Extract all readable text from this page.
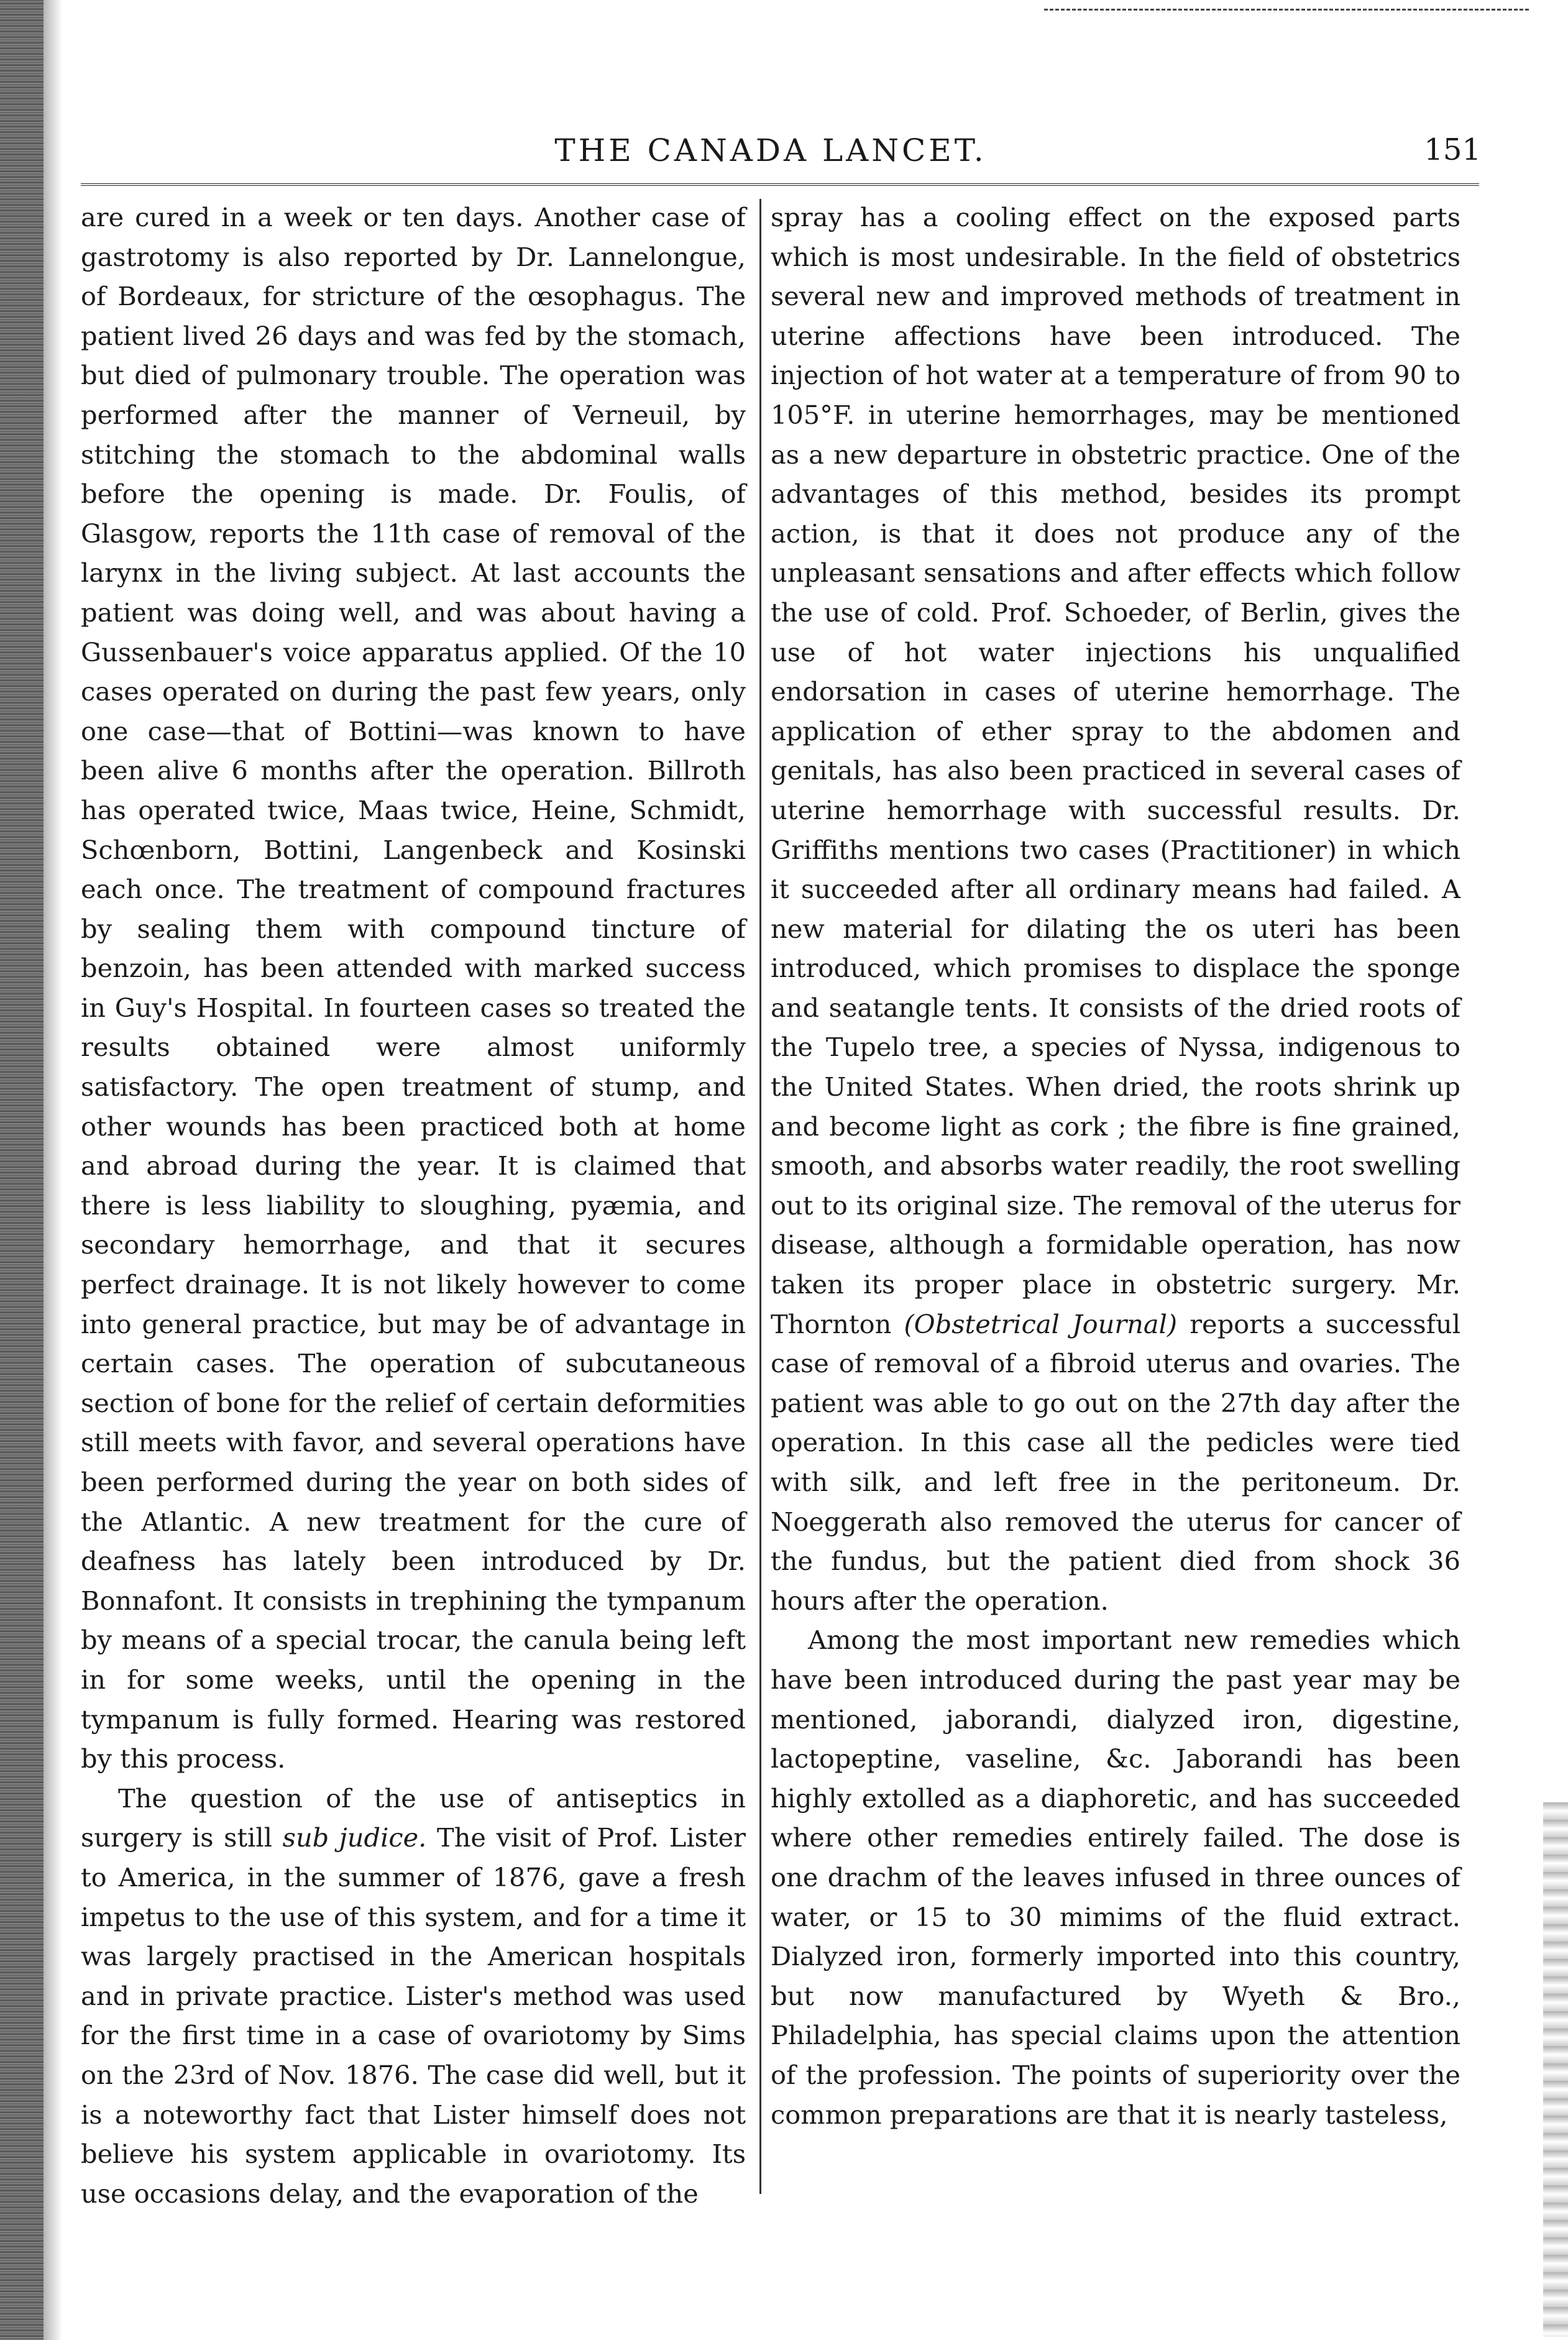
THE CANADA LANCET.	151

are cured in a week or ten days. Another case of gastrotomy is also reported by Dr. Lannelongue, of Bordeaux, for stricture of the œsophagus. The patient lived 26 days and was fed by the stomach, but died of pulmonary trouble. The operation was performed after the manner of Verneuil, by stitching the stomach to the abdominal walls before the opening is made. Dr. Foulis, of Glasgow, reports the 11th case of removal of the larynx in the living subject. At last accounts the patient was doing well, and was about having a Gussenbauer's voice apparatus applied. Of the 10 cases operated on during the past few years, only one case—that of Bottini—was known to have been alive 6 months after the operation. Billroth has operated twice, Maas twice, Heine, Schmidt, Schœnborn, Bottini, Langenbeck and Kosinski each once. The treatment of compound fractures by sealing them with compound tincture of benzoin, has been attended with marked success in Guy's Hospital. In fourteen cases so treated the results obtained were almost uniformly satisfactory. The open treatment of stump, and other wounds has been practiced both at home and abroad during the year. It is claimed that there is less liability to sloughing, pyæmia, and secondary hemorrhage, and that it secures perfect drainage. It is not likely however to come into general practice, but may be of advantage in certain cases. The operation of subcutaneous section of bone for the relief of certain deformities still meets with favor, and several operations have been performed during the year on both sides of the Atlantic. A new treatment for the cure of deafness has lately been introduced by Dr. Bonnafont. It consists in trephining the tympanum by means of a special trocar, the canula being left in for some weeks, until the opening in the tympanum is fully formed. Hearing was restored by this process.

The question of the use of antiseptics in surgery is still sub judice. The visit of Prof. Lister to America, in the summer of 1876, gave a fresh impetus to the use of this system, and for a time it was largely practised in the American hospitals and in private practice. Lister's method was used for the first time in a case of ovariotomy by Sims on the 23rd of Nov. 1876. The case did well, but it is a noteworthy fact that Lister himself does not believe his system applicable in ovariotomy. Its use occasions delay, and the evaporation of the

spray has a cooling effect on the exposed parts which is most undesirable. In the field of obstetrics several new and improved methods of treatment in uterine affections have been introduced. The injection of hot water at a temperature of from 90 to 105°F. in uterine hemorrhages, may be mentioned as a new departure in obstetric practice. One of the advantages of this method, besides its prompt action, is that it does not produce any of the unpleasant sensations and after effects which follow the use of cold. Prof. Schoeder, of Berlin, gives the use of hot water injections his unqualified endorsation in cases of uterine hemorrhage. The application of ether spray to the abdomen and genitals, has also been practiced in several cases of uterine hemorrhage with successful results. Dr. Griffiths mentions two cases (Practitioner) in which it succeeded after all ordinary means had failed. A new material for dilating the os uteri has been introduced, which promises to displace the sponge and seatangle tents. It consists of the dried roots of the Tupelo tree, a species of Nyssa, indigenous to the United States. When dried, the roots shrink up and become light as cork ; the fibre is fine grained, smooth, and absorbs water readily, the root swelling out to its original size. The removal of the uterus for disease, although a formidable operation, has now taken its proper place in obstetric surgery. Mr. Thornton (Obstetrical Journal) reports a successful case of removal of a fibroid uterus and ovaries. The patient was able to go out on the 27th day after the operation. In this case all the pedicles were tied with silk, and left free in the peritoneum. Dr. Noeggerath also removed the uterus for cancer of the fundus, but the patient died from shock 36 hours after the operation.

Among the most important new remedies which have been introduced during the past year may be mentioned, jaborandi, dialyzed iron, digestine, lactopeptine, vaseline, &c. Jaborandi has been highly extolled as a diaphoretic, and has succeeded where other remedies entirely failed. The dose is one drachm of the leaves infused in three ounces of water, or 15 to 30 mimims of the fluid extract. Dialyzed iron, formerly imported into this country, but now manufactured by Wyeth & Bro., Philadelphia, has special claims upon the attention of the profession. The points of superiority over the common preparations are that it is nearly tasteless,
